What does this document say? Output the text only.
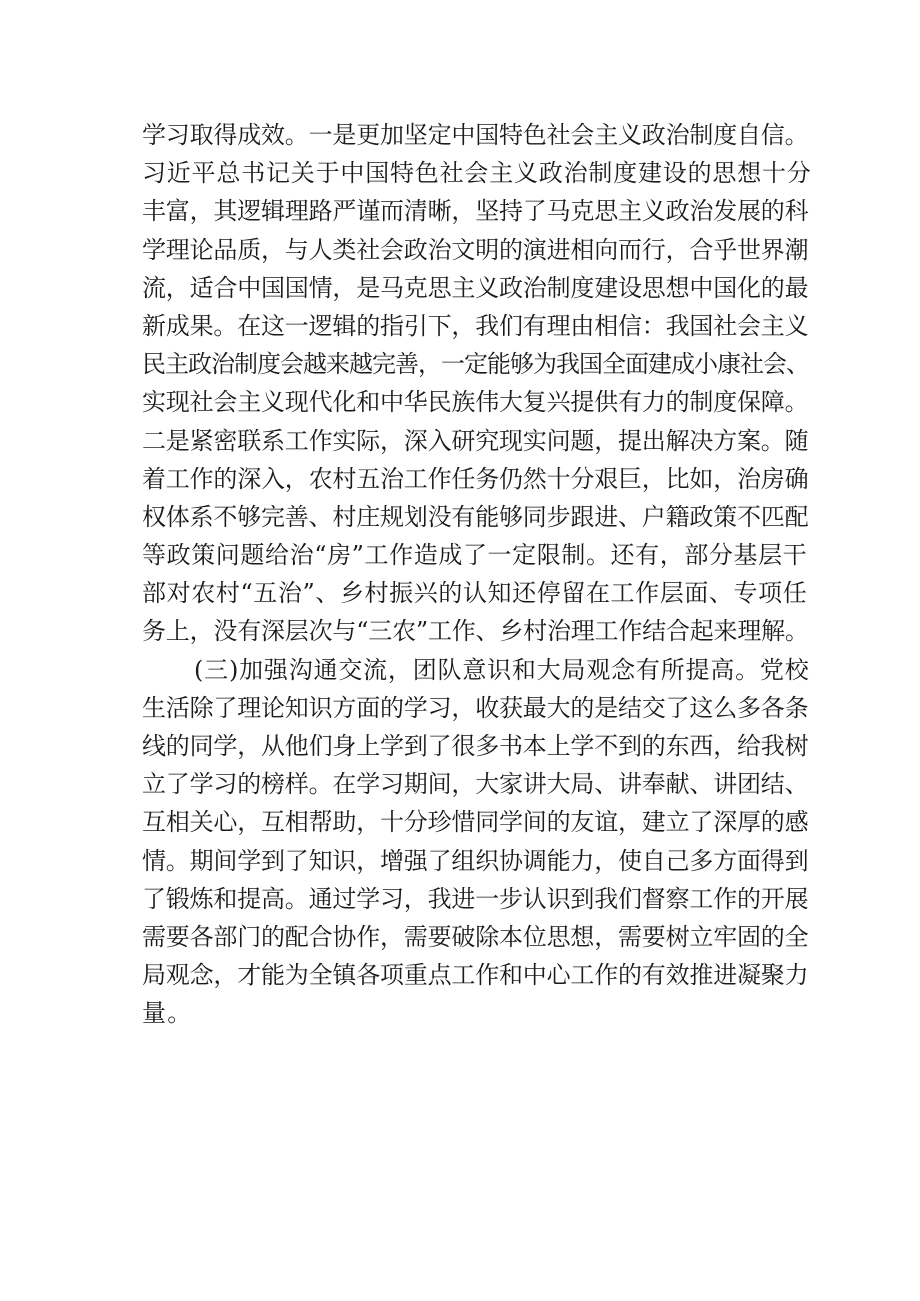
学习取得成效。一是更加坚定中国特色社会主义政治制度自信。
习近平总书记关于中国特色社会主义政治制度建设的思想十分
丰富，其逻辑理路严谨而清晰，坚持了马克思主义政治发展的科
学理论品质，与人类社会政治文明的演进相向而行，合乎世界潮
流，适合中国国情，是马克思主义政治制度建设思想中国化的最
新成果。在这一逻辑的指引下，我们有理由相信：我国社会主义
民主政治制度会越来越完善，一定能够为我国全面建成小康社会、
实现社会主义现代化和中华民族伟大复兴提供有力的制度保障。
二是紧密联系工作实际，深入研究现实问题，提出解决方案。随
着工作的深入，农村五治工作任务仍然十分艰巨，比如，治房确
权体系不够完善、村庄规划没有能够同步跟进、户籍政策不匹配
等政策问题给治“房”工作造成了一定限制。还有，部分基层干
部对农村“五治”、乡村振兴的认知还停留在工作层面、专项任
务上，没有深层次与“三农”工作、乡村治理工作结合起来理解。
(三)加强沟通交流，团队意识和大局观念有所提高。党校
生活除了理论知识方面的学习，收获最大的是结交了这么多各条
线的同学，从他们身上学到了很多书本上学不到的东西，给我树
立了学习的榜样。在学习期间，大家讲大局、讲奉献、讲团结、
互相关心，互相帮助，十分珍惜同学间的友谊，建立了深厚的感
情。期间学到了知识，增强了组织协调能力，使自己多方面得到
了锻炼和提高。通过学习，我进一步认识到我们督察工作的开展
需要各部门的配合协作，需要破除本位思想，需要树立牢固的全
局观念，才能为全镇各项重点工作和中心工作的有效推进凝聚力
量。
